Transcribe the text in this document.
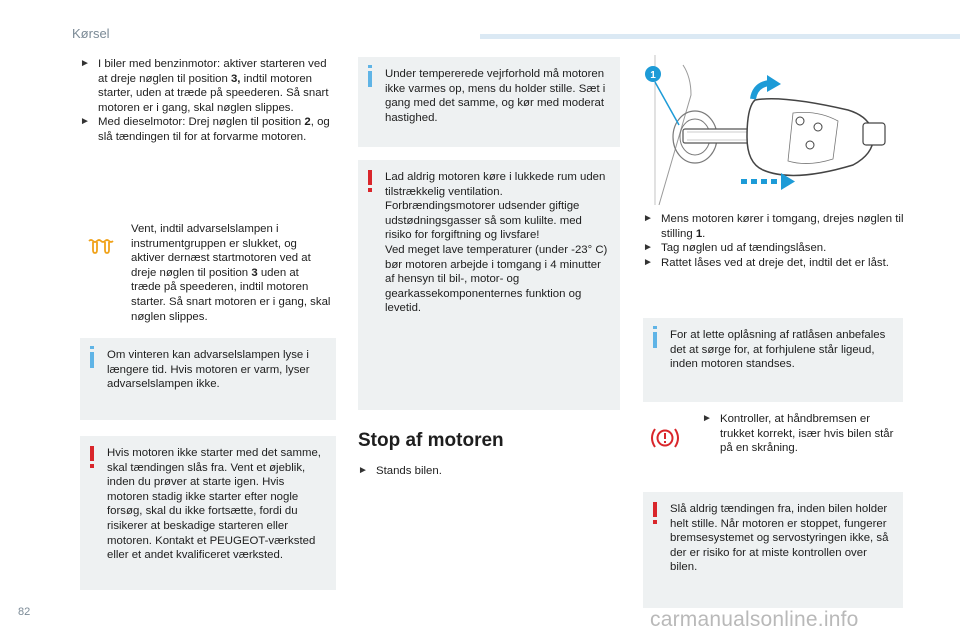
Kørsel
► I biler med benzinmotor: aktiver starteren ved at dreje nøglen til position 3, indtil motoren starter, uden at træde på speederen. Så snart motoren er i gang, skal nøglen slippes.
► Med dieselmotor: Drej nøglen til position 2, og slå tændingen til for at forvarme motoren.
Vent, indtil advarselslampen i instrumentgruppen er slukket, og aktiver dernæst startmotoren ved at dreje nøglen til position 3 uden at træde på speederen, indtil motoren starter. Så snart motoren er i gang, skal nøglen slippes.
Om vinteren kan advarselslampen lyse i længere tid. Hvis motoren er varm, lyser advarselslampen ikke.
Hvis motoren ikke starter med det samme, skal tændingen slås fra. Vent et øjeblik, inden du prøver at starte igen. Hvis motoren stadig ikke starter efter nogle forsøg, skal du ikke fortsætte, fordi du risikerer at beskadige starteren eller motoren. Kontakt et PEUGEOT-værksted eller et andet kvalificeret værksted.
Under tempererede vejrforhold må motoren ikke varmes op, mens du holder stille. Sæt i gang med det samme, og kør med moderat hastighed.
Lad aldrig motoren køre i lukkede rum uden tilstrækkelig ventilation. Forbrændingsmotorer udsender giftige udstødningsgasser så som kulilte. med risiko for forgiftning og livsfare!
Ved meget lave temperaturer (under -23° C) bør motoren arbejde i tomgang i 4 minutter af hensyn til bil-, motor- og gearkassekomponenternes funktion og levetid.
Stop af motoren
► Stands bilen.
1
► Mens motoren kører i tomgang, drejes nøglen til stilling 1.
► Tag nøglen ud af tændingslåsen.
► Rattet låses ved at dreje det, indtil det er låst.
For at lette oplåsning af ratlåsen anbefales det at sørge for, at forhjulene står ligeud, inden motoren standses.
► Kontroller, at håndbremsen er trukket korrekt, især hvis bilen står på en skråning.
Slå aldrig tændingen fra, inden bilen holder helt stille. Når motoren er stoppet, fungerer bremsesystemet og servostyringen ikke, så der er risiko for at miste kontrollen over bilen.
82	carmanualsonline.info
